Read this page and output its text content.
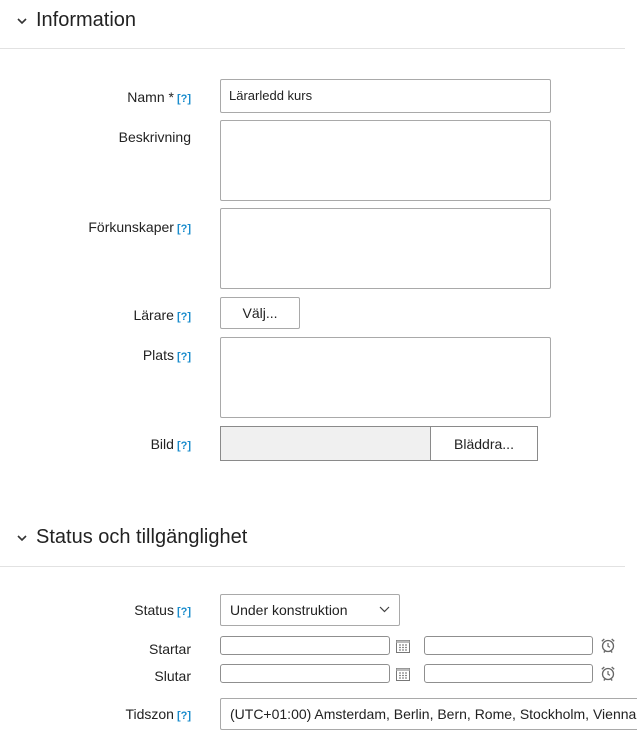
Information
Namn * [?]	Lärarledd kurs
Beskrivning
Förkunskaper [?]
Lärare [?]	Välj...
Plats [?]
Bild [?]	Bläddra...
Status och tillgänglighet
Status [?]	Under konstruktion
Startar
Slutar
Tidszon [?]	(UTC+01:00) Amsterdam, Berlin, Bern, Rome, Stockholm, Vienna
